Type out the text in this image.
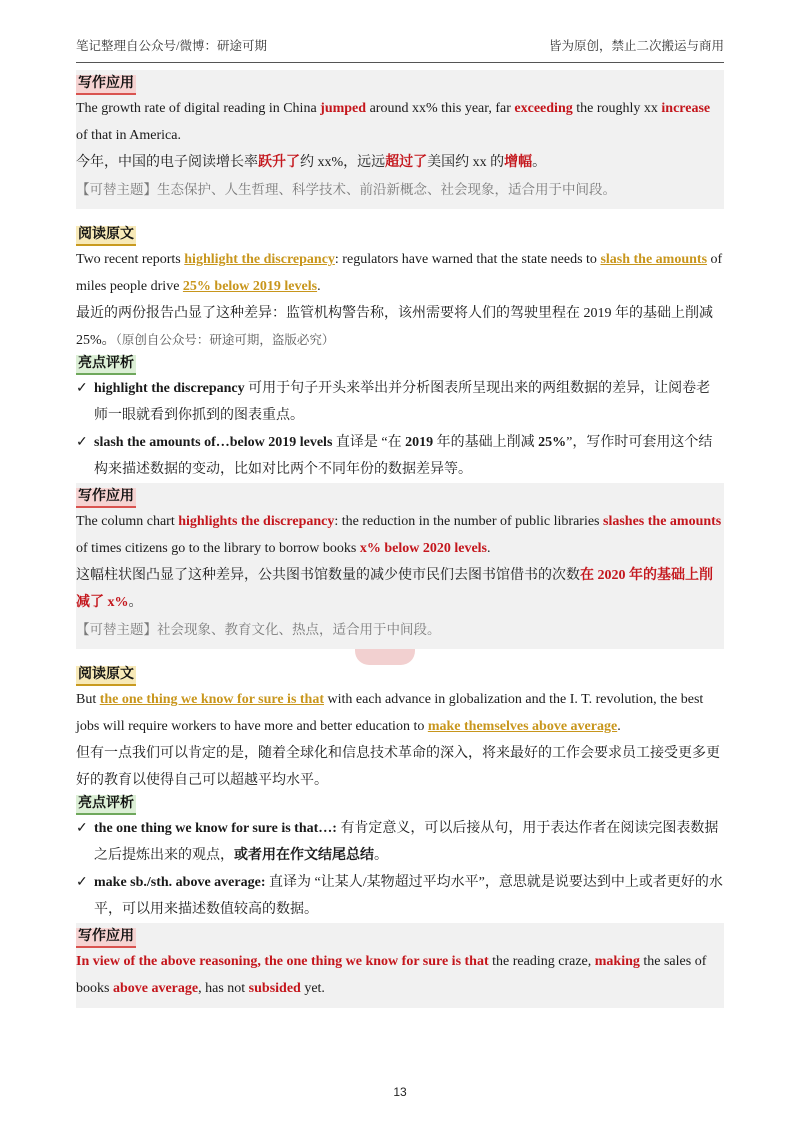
笔记整理自公众号/微博：研途可期	皆为原创，禁止二次搬运与商用
写作应用

The growth rate of digital reading in China jumped around xx% this year, far exceeding the roughly xx increase of that in America.

今年，中国的电子阅读增长率跃升了约 xx%，远远超过了美国约 xx 的增幅。

【可替主题】生态保护、人生哲理、科学技术、前沿新概念、社会现象，适合用于中间段。

阅读原文

Two recent reports highlight the discrepancy: regulators have warned that the state needs to slash the amounts of miles people drive 25% below 2019 levels.

最近的两份报告凸显了这种差异：监管机构警告称，该州需要将人们的驾驶里程在 2019 年的基础上削减 25%。（原创自公众号：研途可期，盗版必究）

亮点评析
✓ highlight the discrepancy 可用于句子开头来举出并分析图表所呈现出来的两组数据的差异，让阅卷老师一眼就看到你抓到的图表重点。
✓ slash the amounts of…below 2019 levels 直译是 “在 2019 年的基础上削减 25%”，写作时可套用这个结构来描述数据的变动，比如对比两个不同年份的数据差异等。
写作应用

The column chart highlights the discrepancy: the reduction in the number of public libraries slashes the amounts of times citizens go to the library to borrow books x% below 2020 levels.

这幅柱状图凸显了这种差异，公共图书馆数量的减少使市民们去图书馆借书的次数在 2020 年的基础上削减了 x%。

【可替主题】社会现象、教育文化、热点，适合用于中间段。

阅读原文

But the one thing we know for sure is that with each advance in globalization and the I. T. revolution, the best jobs will require workers to have more and better education to make themselves above average.

但有一点我们可以肯定的是，随着全球化和信息技术革命的深入，将来最好的工作会要求员工接受更多更好的教育以使得自己可以超越平均水平。

亮点评析
✓ the one thing we know for sure is that…: 有肯定意义，可以后接从句，用于表达作者在阅读完图表数据之后提炼出来的观点，或者用在作文结尾总结。
✓ make sb./sth. above average: 直译为 “让某人/某物超过平均水平”，意思就是说要达到中上或者更好的水平，可以用来描述数值较高的数据。
写作应用

In view of the above reasoning, the one thing we know for sure is that the reading craze, making the sales of books above average, has not subsided yet.

13
